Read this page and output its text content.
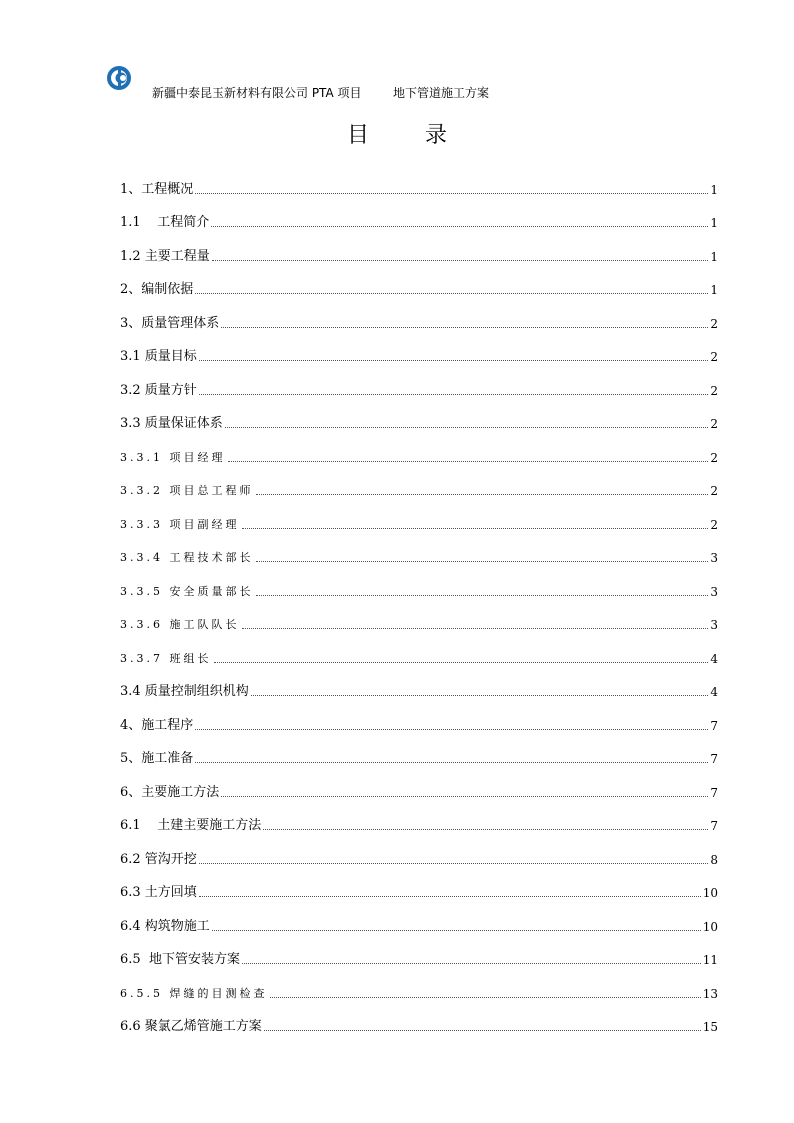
新疆中泰昆玉新材料有限公司 PTA 项目	地下管道施工方案
目	录
1、工程概况	1
1.1    工程简介	1
1.2 主要工程量	1
2、编制依据	1
3、质量管理体系	2
3.1 质量目标	2
3.2 质量方针	2
3.3 质量保证体系	2
3.3.1 项目经理	2
3.3.2 项目总工程师	2
3.3.3 项目副经理	2
3.3.4 工程技术部长	3
3.3.5 安全质量部长	3
3.3.6 施工队队长	3
3.3.7 班组长	4
3.4 质量控制组织机构	4
4、施工程序	7
5、施工准备	7
6、主要施工方法	7
6.1    土建主要施工方法	7
6.2 管沟开挖	8
6.3 土方回填	10
6.4 构筑物施工	10
6.5  地下管安装方案	11
6.5.5 焊缝的目测检查	13
6.6 聚氯乙烯管施工方案	15
